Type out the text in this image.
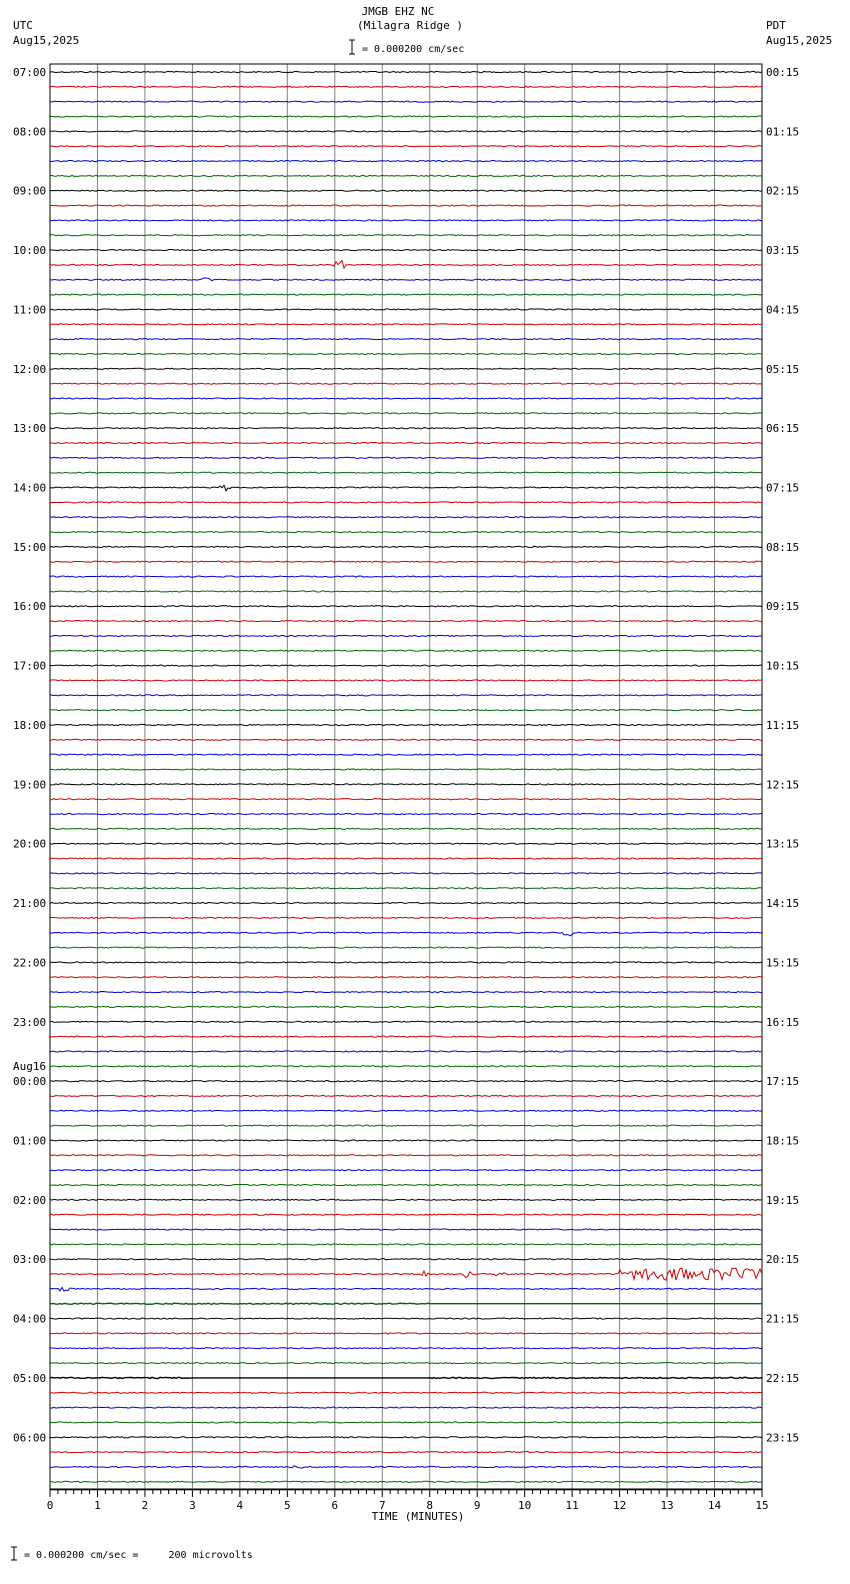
JMGB EHZ NC
(Milagra Ridge )
= 0.000200 cm/sec
UTC
Aug15,2025
PDT
Aug15,2025
07:00
08:00
09:00
10:00
11:00
12:00
13:00
14:00
15:00
16:00
17:00
18:00
19:00
20:00
21:00
22:00
23:00
00:00
Aug16
01:00
02:00
03:00
04:00
05:00
06:00
00:15
01:15
02:15
03:15
04:15
05:15
06:15
07:15
08:15
09:15
10:15
11:15
12:15
13:15
14:15
15:15
16:15
17:15
18:15
19:15
20:15
21:15
22:15
23:15
0	1	2	3	4	5	6	7	8	9	10	11	12	13	14	15
TIME (MINUTES)
= 0.000200 cm/sec =     200 microvolts
